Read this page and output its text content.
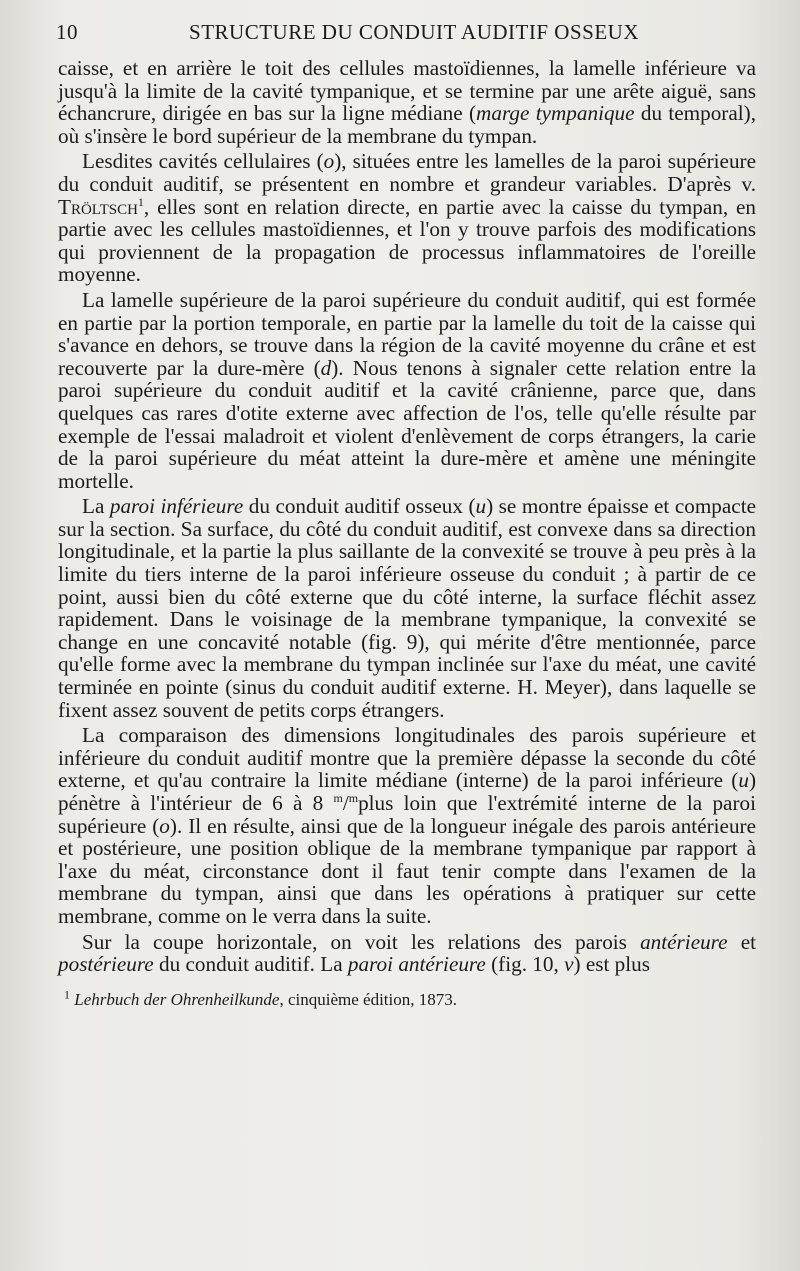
10	STRUCTURE DU CONDUIT AUDITIF OSSEUX

caisse, et en arrière le toit des cellules mastoïdiennes, la lamelle inférieure va jusqu'à la limite de la cavité tympanique, et se termine par une arête aiguë, sans échancrure, dirigée en bas sur la ligne médiane (marge tympanique du temporal), où s'insère le bord supérieur de la membrane du tympan.

Lesdites cavités cellulaires (o), situées entre les lamelles de la paroi supérieure du conduit auditif, se présentent en nombre et grandeur variables. D'après v. Tröltsch$^1$, elles sont en relation directe, en partie avec la caisse du tympan, en partie avec les cellules mastoïdiennes, et l'on y trouve parfois des modifications qui proviennent de la propagation de processus inflammatoires de l'oreille moyenne.

La lamelle supérieure de la paroi supérieure du conduit auditif, qui est formée en partie par la portion temporale, en partie par la lamelle du toit de la caisse qui s'avance en dehors, se trouve dans la région de la cavité moyenne du crâne et est recouverte par la dure-mère (d). Nous tenons à signaler cette relation entre la paroi supérieure du conduit auditif et la cavité crânienne, parce que, dans quelques cas rares d'otite externe avec affection de l'os, telle qu'elle résulte par exemple de l'essai maladroit et violent d'enlèvement de corps étrangers, la carie de la paroi supérieure du méat atteint la dure-mère et amène une méningite mortelle.

La paroi inférieure du conduit auditif osseux (u) se montre épaisse et compacte sur la section. Sa surface, du côté du conduit auditif, est convexe dans sa direction longitudinale, et la partie la plus saillante de la convexité se trouve à peu près à la limite du tiers interne de la paroi inférieure osseuse du conduit ; à partir de ce point, aussi bien du côté externe que du côté interne, la surface fléchit assez rapidement. Dans le voisinage de la membrane tympanique, la convexité se change en une concavité notable (fig. 9), qui mérite d'être mentionnée, parce qu'elle forme avec la membrane du tympan inclinée sur l'axe du méat, une cavité terminée en pointe (sinus du conduit auditif externe. H. Meyer), dans laquelle se fixent assez souvent de petits corps étrangers.

La comparaison des dimensions longitudinales des parois supérieure et inférieure du conduit auditif montre que la première dépasse la seconde du côté externe, et qu'au contraire la limite médiane (interne) de la paroi inférieure (u) pénètre à l'intérieur de 6 à 8 $^m$/$^m$plus loin que l'extrémité interne de la paroi supérieure (o). Il en résulte, ainsi que de la longueur inégale des parois antérieure et postérieure, une position oblique de la membrane tympanique par rapport à l'axe du méat, circonstance dont il faut tenir compte dans l'examen de la membrane du tympan, ainsi que dans les opérations à pratiquer sur cette membrane, comme on le verra dans la suite.

Sur la coupe horizontale, on voit les relations des parois antérieure et postérieure du conduit auditif. La paroi antérieure (fig. 10, v) est plus

$^1$ Lehrbuch der Ohrenheilkunde, cinquième édition, 1873.
